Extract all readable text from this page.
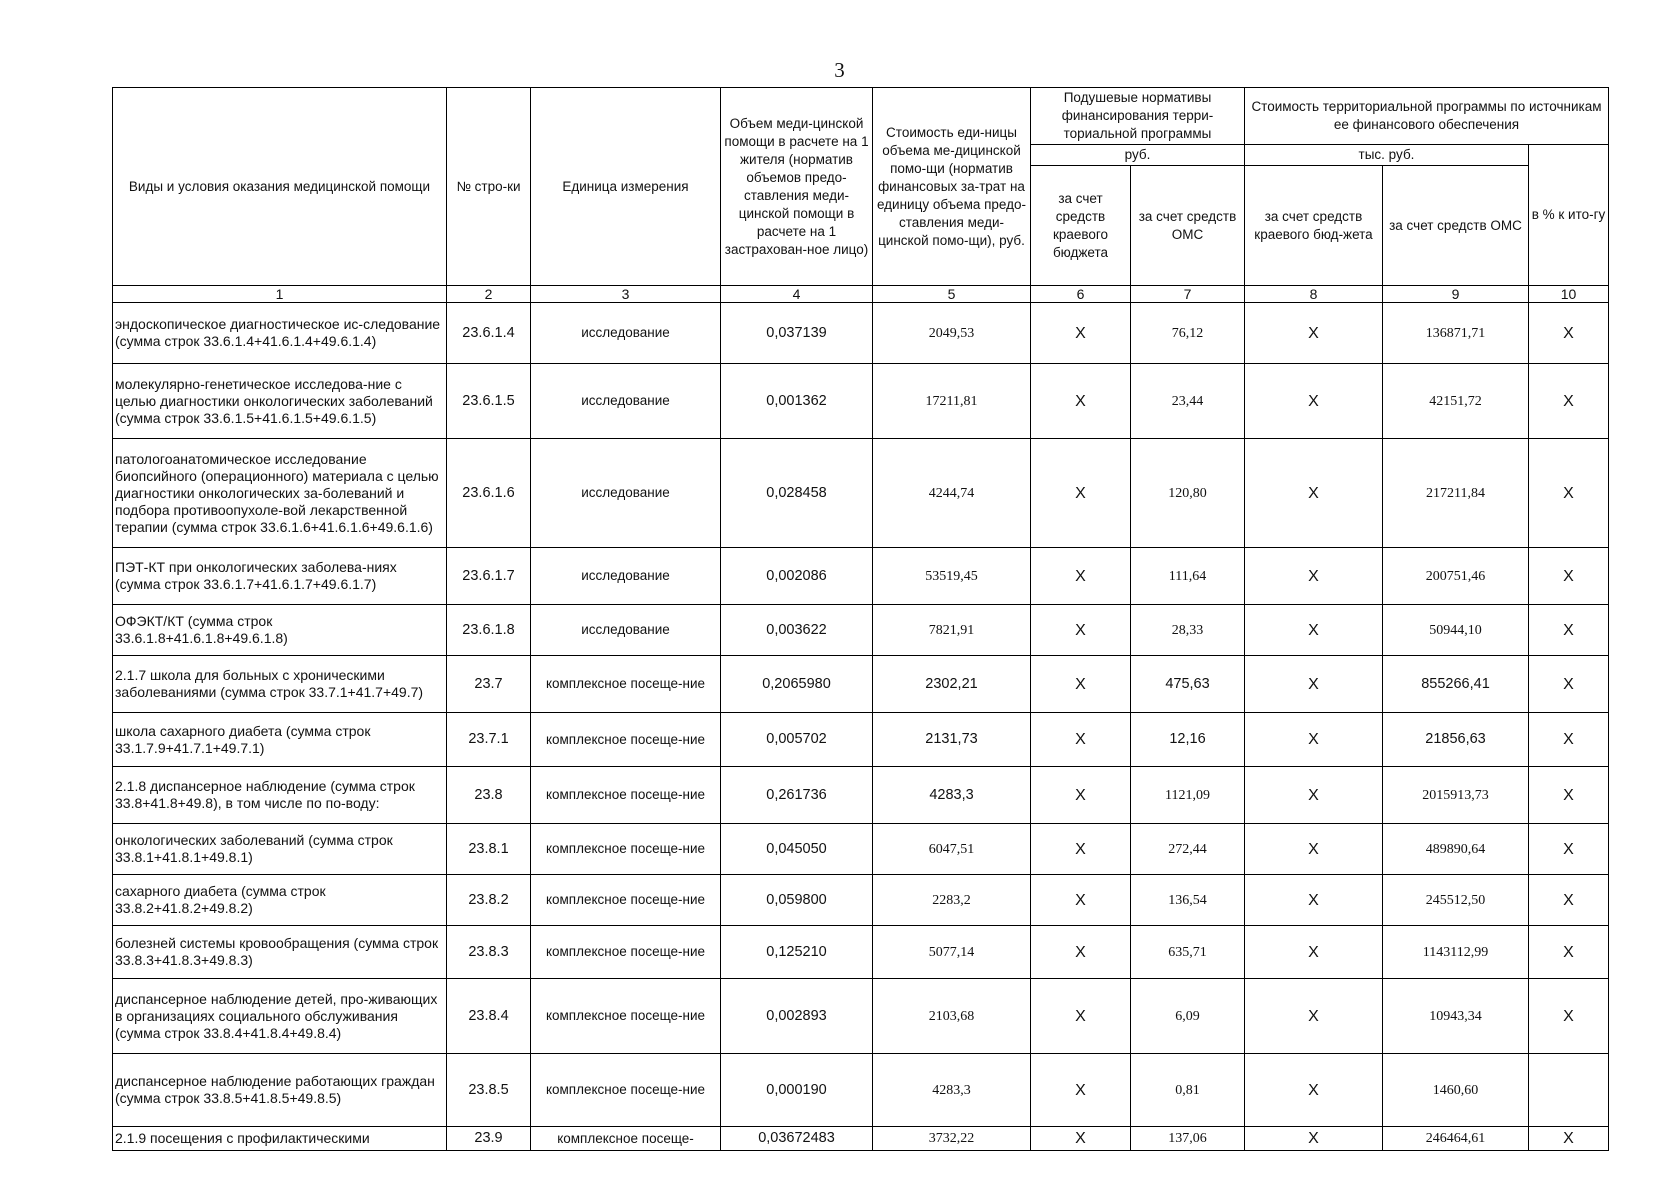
3
Виды и условия оказания медицинской помощи	№ стро-ки	Единица измерения	Объем меди-цинской помощи в расчете на 1 жителя (норматив объемов предо-ставления меди-цинской помощи в расчете на 1 застрахован-ное лицо)	Стоимость еди-ницы объема ме-дицинской помо-щи (норматив финансовых за-трат на единицу объема предо-ставления меди-цинской помо-щи), руб.	Подушевые нормативы финансирования терри-ториальной программы		Стоимость территориальной программы по источникам ее финансового обеспечения		
					руб.		тыс. руб.		в % к ито-гу
					за счет средств краевого бюджета	за счет средств ОМС	за счет средств краевого бюд-жета	за счет средств ОМС	
1	2	3	4	5	6	7	8	9	10
эндоскопическое диагностическое ис-следование (сумма строк 33.6.1.4+41.6.1.4+49.6.1.4)	23.6.1.4	исследование	0,037139	2049,53	X	76,12	X	136871,71	X
молекулярно-генетическое исследова-ние с целью диагностики онкологических заболеваний (сумма строк 33.6.1.5+41.6.1.5+49.6.1.5)	23.6.1.5	исследование	0,001362	17211,81	X	23,44	X	42151,72	X
патологоанатомическое исследование биопсийного (операционного) материала с целью диагностики онкологических за-болеваний и подбора противоопухоле-вой лекарственной терапии (сумма строк 33.6.1.6+41.6.1.6+49.6.1.6)	23.6.1.6	исследование	0,028458	4244,74	X	120,80	X	217211,84	X
ПЭТ-КТ при онкологических заболева-ниях (сумма строк 33.6.1.7+41.6.1.7+49.6.1.7)	23.6.1.7	исследование	0,002086	53519,45	X	111,64	X	200751,46	X
ОФЭКТ/КТ (сумма строк 33.6.1.8+41.6.1.8+49.6.1.8)	23.6.1.8	исследование	0,003622	7821,91	X	28,33	X	50944,10	X
2.1.7 школа для больных с хроническими заболеваниями (сумма строк 33.7.1+41.7+49.7)	23.7	комплексное посеще-ние	0,2065980	2302,21	X	475,63	X	855266,41	X
школа сахарного диабета (сумма строк 33.1.7.9+41.7.1+49.7.1)	23.7.1	комплексное посеще-ние	0,005702	2131,73	X	12,16	X	21856,63	X
2.1.8 диспансерное наблюдение (сумма строк 33.8+41.8+49.8), в том числе по по-воду:	23.8	комплексное посеще-ние	0,261736	4283,3	X	1121,09	X	2015913,73	X
онкологических заболеваний (сумма строк 33.8.1+41.8.1+49.8.1)	23.8.1	комплексное посеще-ние	0,045050	6047,51	X	272,44	X	489890,64	X
сахарного диабета (сумма строк 33.8.2+41.8.2+49.8.2)	23.8.2	комплексное посеще-ние	0,059800	2283,2	X	136,54	X	245512,50	X
болезней системы кровообращения (сумма строк 33.8.3+41.8.3+49.8.3)	23.8.3	комплексное посеще-ние	0,125210	5077,14	X	635,71	X	1143112,99	X
диспансерное наблюдение детей, про-живающих в организациях социального обслуживания (сумма строк 33.8.4+41.8.4+49.8.4)	23.8.4	комплексное посеще-ние	0,002893	2103,68	X	6,09	X	10943,34	X
диспансерное наблюдение работающих граждан (сумма строк 33.8.5+41.8.5+49.8.5)	23.8.5	комплексное посеще-ние	0,000190	4283,3	X	0,81	X	1460,60	
2.1.9 посещения с профилактическими	23.9	комплексное посеще-	0,03672483	3732,22	X	137,06	X	246464,61	X
